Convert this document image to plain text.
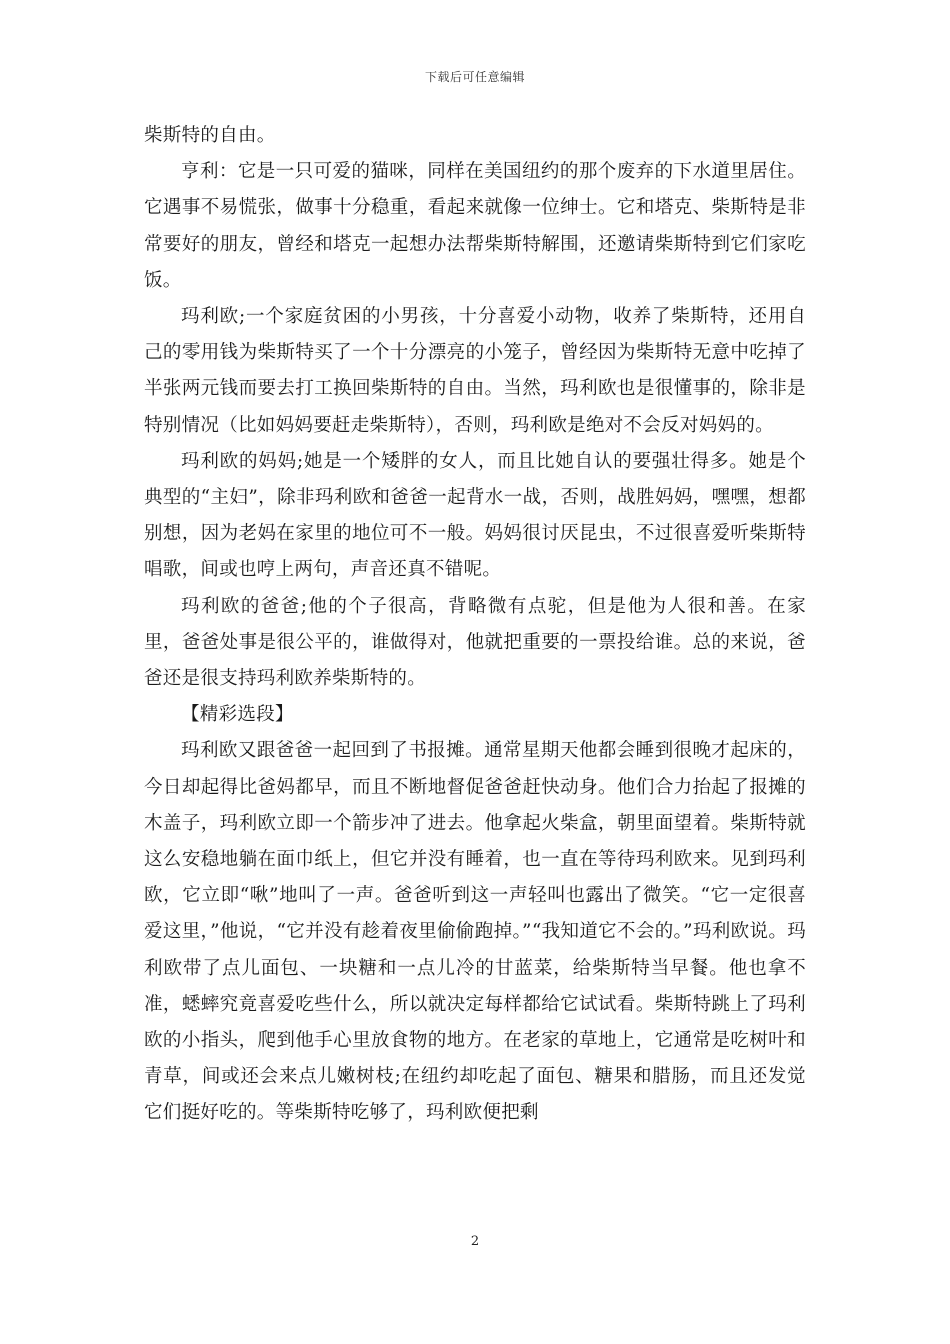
下载后可任意编辑

柴斯特的自由。

亨利：它是一只可爱的猫咪，同样在美国纽约的那个废弃的下水道里居住。它遇事不易慌张，做事十分稳重，看起来就像一位绅士。它和塔克、柴斯特是非常要好的朋友，曾经和塔克一起想办法帮柴斯特解围，还邀请柴斯特到它们家吃饭。

玛利欧;一个家庭贫困的小男孩，十分喜爱小动物，收养了柴斯特，还用自己的零用钱为柴斯特买了一个十分漂亮的小笼子，曾经因为柴斯特无意中吃掉了半张两元钱而要去打工换回柴斯特的自由。当然，玛利欧也是很懂事的，除非是特别情况（比如妈妈要赶走柴斯特），否则，玛利欧是绝对不会反对妈妈的。

玛利欧的妈妈;她是一个矮胖的女人，而且比她自认的要强壮得多。她是个典型的“主妇”，除非玛利欧和爸爸一起背水一战，否则，战胜妈妈，嘿嘿，想都别想，因为老妈在家里的地位可不一般。妈妈很讨厌昆虫，不过很喜爱听柴斯特唱歌，间或也哼上两句，声音还真不错呢。

玛利欧的爸爸;他的个子很高，背略微有点驼，但是他为人很和善。在家里，爸爸处事是很公平的，谁做得对，他就把重要的一票投给谁。总的来说，爸爸还是很支持玛利欧养柴斯特的。

【精彩选段】

玛利欧又跟爸爸一起回到了书报摊。通常星期天他都会睡到很晚才起床的，今日却起得比爸妈都早，而且不断地督促爸爸赶快动身。他们合力抬起了报摊的木盖子，玛利欧立即一个箭步冲了进去。他拿起火柴盒，朝里面望着。柴斯特就这么安稳地躺在面巾纸上，但它并没有睡着，也一直在等待玛利欧来。见到玛利欧，它立即“啾”地叫了一声。爸爸听到这一声轻叫也露出了微笑。“它一定很喜爱这里，”他说，“它并没有趁着夜里偷偷跑掉。”“我知道它不会的。”玛利欧说。玛利欧带了点儿面包、一块糖和一点儿冷的甘蓝菜，给柴斯特当早餐。他也拿不准，蟋蟀究竟喜爱吃些什么，所以就决定每样都给它试试看。柴斯特跳上了玛利欧的小指头，爬到他手心里放食物的地方。在老家的草地上，它通常是吃树叶和青草，间或还会来点儿嫩树枝;在纽约却吃起了面包、糖果和腊肠，而且还发觉它们挺好吃的。等柴斯特吃够了，玛利欧便把剩

2
